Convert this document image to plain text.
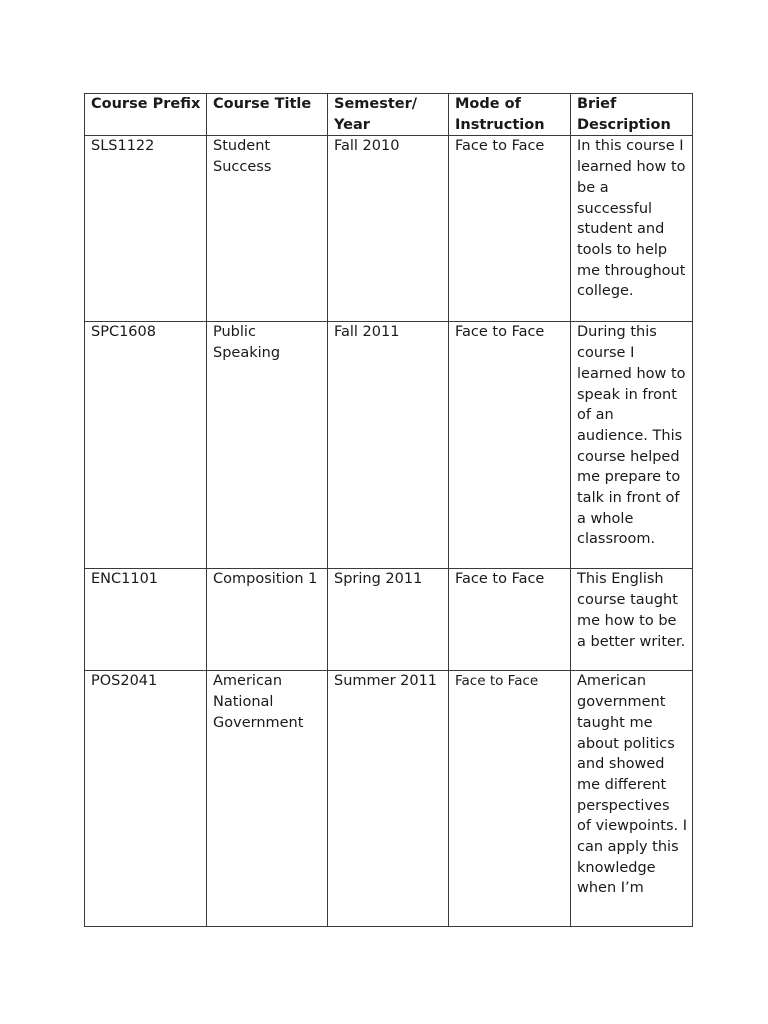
Course Prefix	Course Title	Semester/ Year	Mode of Instruction	Brief Description
SLS1122	Student Success	Fall 2010	Face to Face	In this course I learned how to be a successful student and tools to help me throughout college.
SPC1608	Public Speaking	Fall 2011	Face to Face	During this course I learned how to speak in front of an audience. This course helped me prepare to talk in front of a whole classroom.
ENC1101	Composition 1	Spring 2011	Face to Face	This English course taught me how to be a better writer.
POS2041	American National Government	Summer 2011	Face to Face	American government taught me about politics and showed me different perspectives of viewpoints. I can apply this knowledge when I’m
